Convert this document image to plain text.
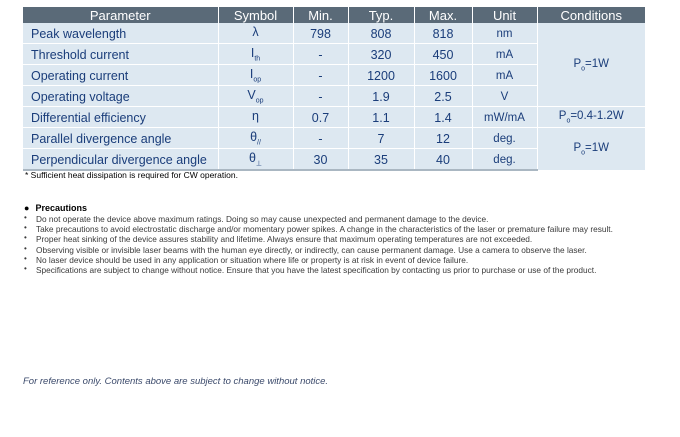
Parameter	Symbol	Min.	Typ.	Max.	Unit	Conditions
Peak wavelength	λ	798	808	818	nm	$P_o=1W$
Threshold current	$I_{th}$	-	320	450	mA	
Operating current	$I_{op}$	-	1200	1600	mA	
Operating voltage	$V_{op}$	-	1.9	2.5	V	
Differential efficiency	η	0.7	1.1	1.4	mW/mA	$P_o=0.4-1.2W$
Parallel divergence angle	$\theta_{//}$	-	7	12	deg.	$P_o=1W$
Perpendicular divergence angle	$\theta_\perp$	30	35	40	deg.	
* Sufficient heat dissipation is required for CW operation.
● Precautions
• Do not operate the device above maximum ratings. Doing so may cause unexpected and permanent damage to the device.
• Take precautions to avoid electrostatic discharge and/or momentary power spikes. A change in the characteristics of the laser or premature failure may result.
• Proper heat sinking of the device assures stability and lifetime. Always ensure that maximum operating temperatures are not exceeded.
• Observing visible or invisible laser beams with the human eye directly, or indirectly, can cause permanent damage. Use a camera to observe the laser.
• No laser device should be used in any application or situation where life or property is at risk in event of device failure.
• Specifications are subject to change without notice. Ensure that you have the latest specification by contacting us prior to purchase or use of the product.
For reference only. Contents above are subject to change without notice.
